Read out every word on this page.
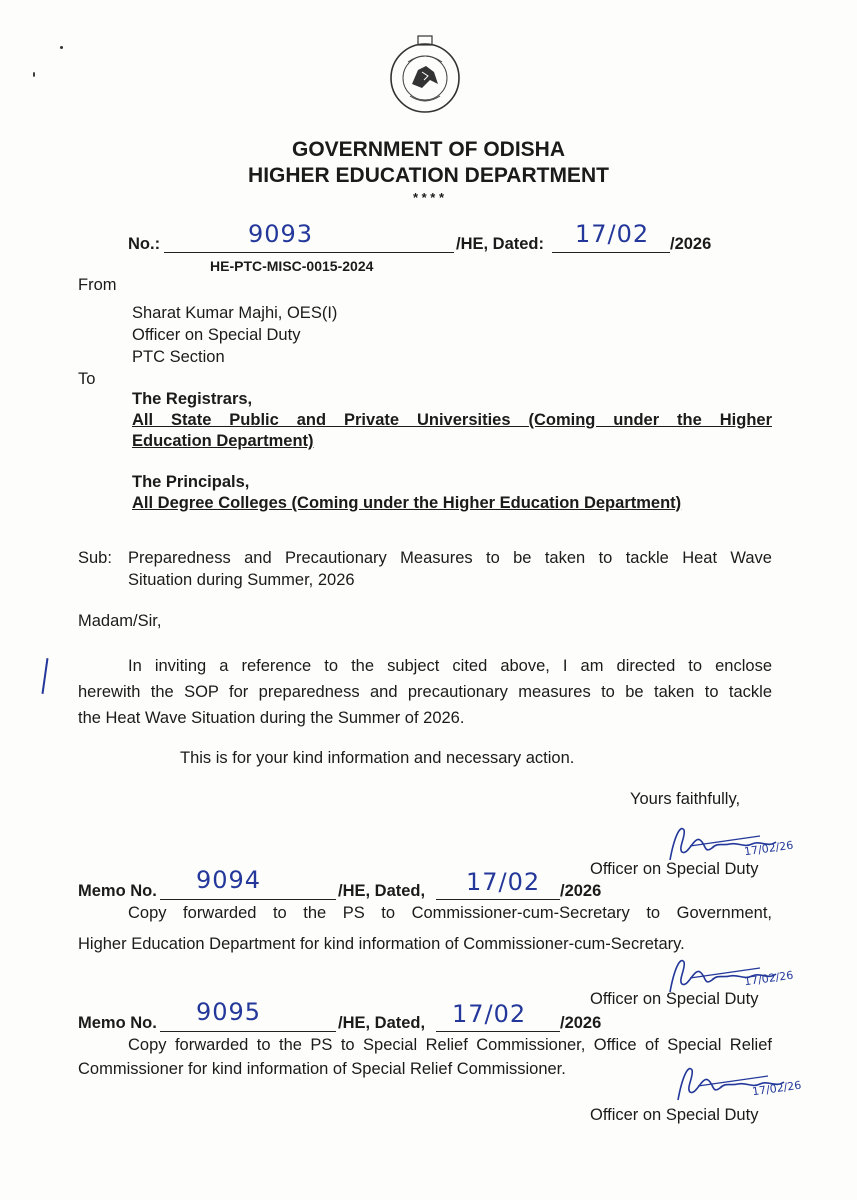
GOVERNMENT OF ODISHA
HIGHER EDUCATION DEPARTMENT
* * * *
No.:	9093	/HE, Dated: 17/02 /2026
HE-PTC-MISC-0015-2024
From
Sharat Kumar Majhi, OES(I)
Officer on Special Duty
PTC Section
To
The Registrars,
All State Public and Private Universities (Coming under the Higher
Education Department)
The Principals,
All Degree Colleges (Coming under the Higher Education Department)
Sub: Preparedness and Precautionary Measures to be taken to tackle Heat Wave
Situation during Summer, 2026
Madam/Sir,
In inviting a reference to the subject cited above, I am directed to enclose
herewith the SOP for preparedness and precautionary measures to be taken to tackle
the Heat Wave Situation during the Summer of 2026.
This is for your kind information and necessary action.
Yours faithfully,
17/02/26
Officer on Special Duty
Memo No. 9094	/HE, Dated, 17/02 /2026
Copy forwarded to the PS to Commissioner-cum-Secretary to Government,
Higher Education Department for kind information of Commissioner-cum-Secretary.
17/02/26
Officer on Special Duty
Memo No. 9095	/HE, Dated, 17/02 /2026
Copy forwarded to the PS to Special Relief Commissioner, Office of Special Relief
Commissioner for kind information of Special Relief Commissioner.
17/02/26
Officer on Special Duty
